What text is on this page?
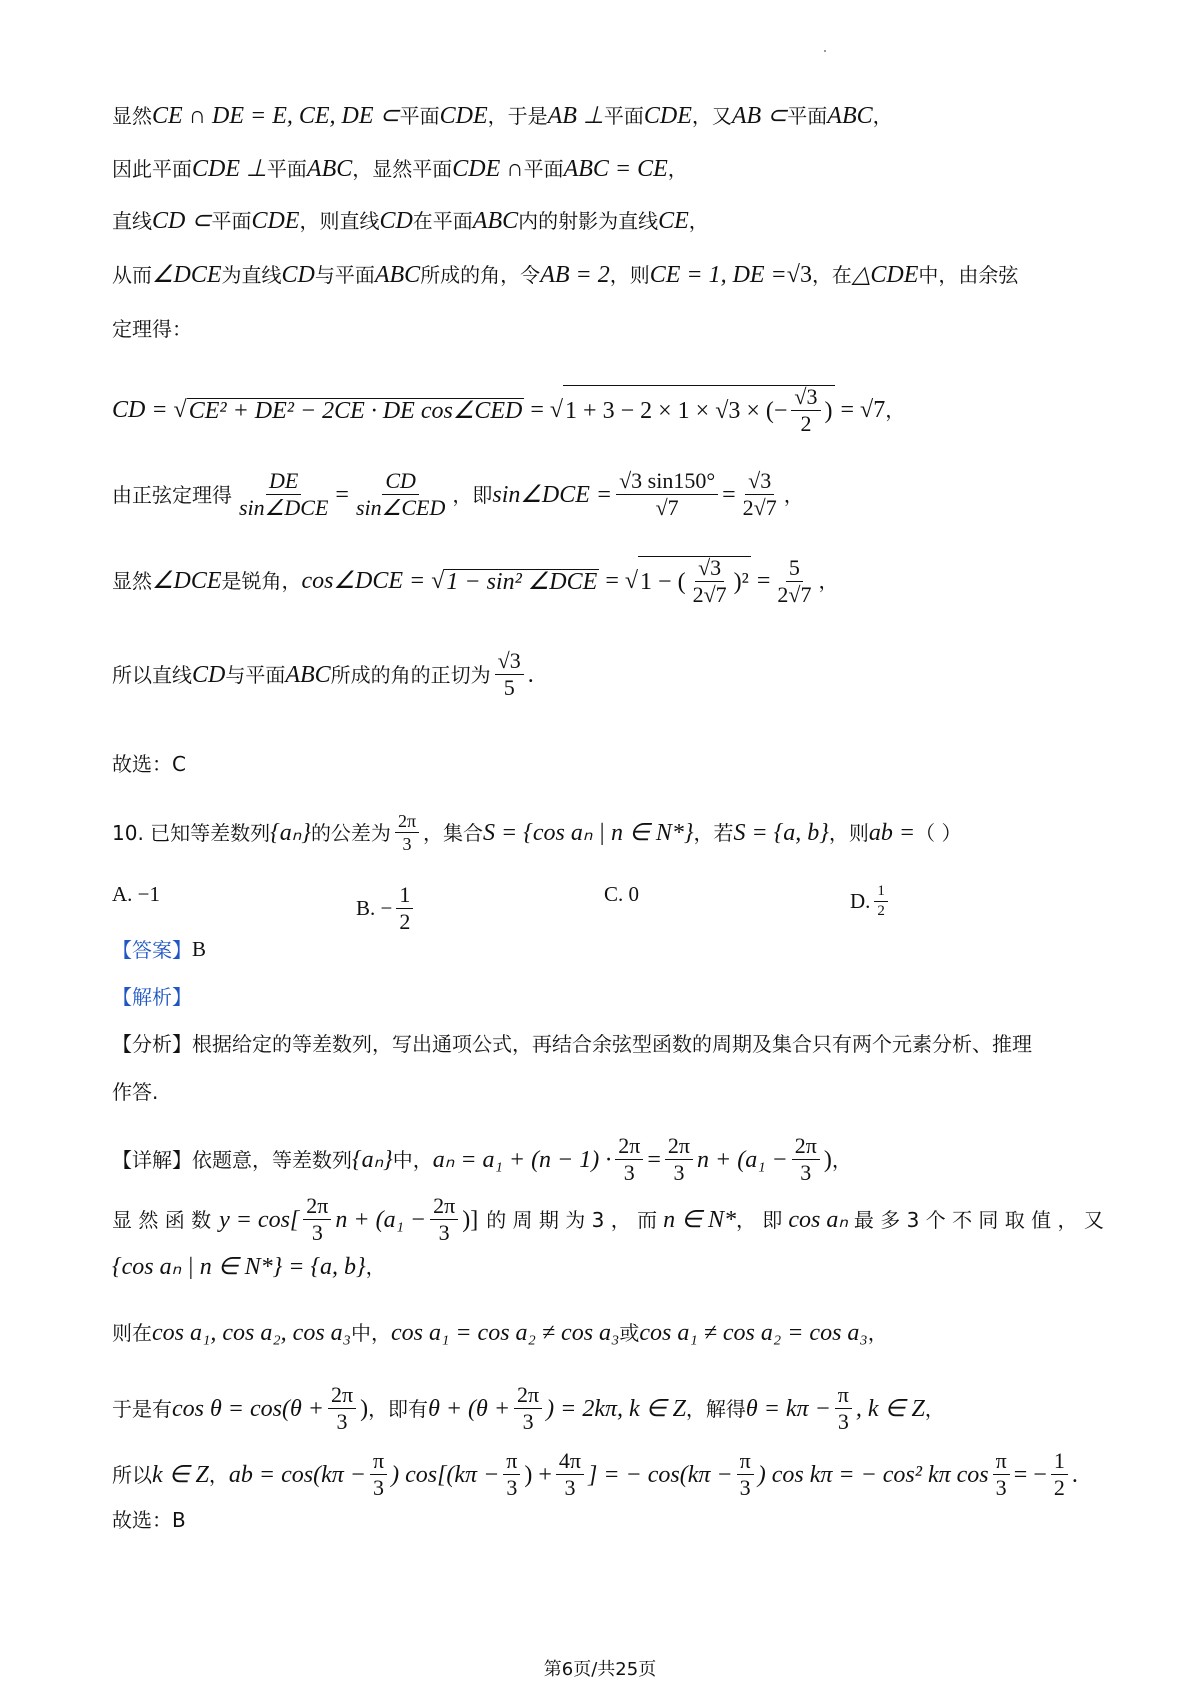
显然 CE ∩ DE = E, CE, DE ⊂ 平面 CDE ，于是 AB ⊥ 平面 CDE ，又 AB ⊂ 平面 ABC ，
因此平面 CDE ⊥ 平面 ABC ，显然平面 CDE ∩ 平面 ABC = CE ，
直线 CD ⊂ 平面 CDE ，则直线 CD 在平面 ABC 内的射影为直线 CE ，
从而 ∠DCE 为直线 CD 与平面 ABC 所成的角，令 AB = 2 ，则 CE = 1, DE = √3 ，在 △CDE 中，由余弦
定理得：
CD = √ CE² + DE² − 2CE · DE cos∠CED = √ 1 + 3 − 2 × 1 × √3 × (− $\frac{√3}{2}$ ) = √7 ，
由正弦定理得 $\frac{DE}{\text{sin∠DCE}} = \frac{CD}{\text{sin∠CED}}$ ，即 sin∠DCE = $\frac{√3 \sin 150^\circ}{√7} = \frac{√3}{2√7}$ ，
显然 ∠DCE 是锐角， cos∠DCE = √ 1 − sin² ∠DCE = √ 1 − ( $\frac{√3}{2√7} )^2 = \frac{5}{2√7}$ ，
所以直线 CD 与平面 ABC 所成的角的正切为 $\frac{√3}{5}$ .
故选：C
10. 已知等差数列 {aₙ} 的公差为 $\frac{2\pi}{3}$ ，集合 S = {cos aₙ | n ∈ N*} ，若 S = {a, b} ，则 ab = （ ）
A. −1
B. − $\frac{1}{2}$	C. 0	D. $\frac{1}{2}$
【答案】 B
【解析】
【分析】 根据给定的等差数列，写出通项公式，再结合余弦型函数的周期及集合只有两个元素分析、推理
作答.
【详解】 依题意，等差数列 {aₙ} 中， $a_n = a_1 + (n - 1) \cdot \frac{2\pi}{3} = \frac{2\pi}{3}$ $n + (a_1 - \frac{2\pi}{3}$ ) ，
显 然 函 数 $y = \cos[ \frac{2\pi}{3}$ $n + (a_1 - \frac{2\pi}{3}$ )] 的 周 期 为 3 ， 而 n ∈ N* ， 即 cos aₙ 最 多 3 个 不 同 取 值 ， 又
{cos aₙ | n ∈ N*} = {a, b} ，
则在 cos a₁, cos a₂, cos a₃ 中， cos a₁ = cos a₂ ≠ cos a₃ 或 cos a₁ ≠ cos a₂ = cos a₃ ，
于是有 $\cos \theta = \cos(\theta + \frac{2\pi}{3}$ ) ，即有 $\theta + (\theta + \frac{2\pi}{3}$ ) = 2kπ, k ∈ Z ，解得 $\theta = k\pi - \frac{\pi}{3}$ , k ∈ Z ，
所以 k ∈ Z ， ab = $\cos(k\pi - \frac{\pi}{3}$ ) $\cos[(k\pi - \frac{\pi}{3}$ ) + $\frac{4\pi}{3}$ ] = − $\cos(k\pi - \frac{\pi}{3}$ ) cos kπ = − cos² kπ $\cos \frac{\pi}{3}$ = − $\frac{1}{2}$ .
故选：B
第6页/共25页
